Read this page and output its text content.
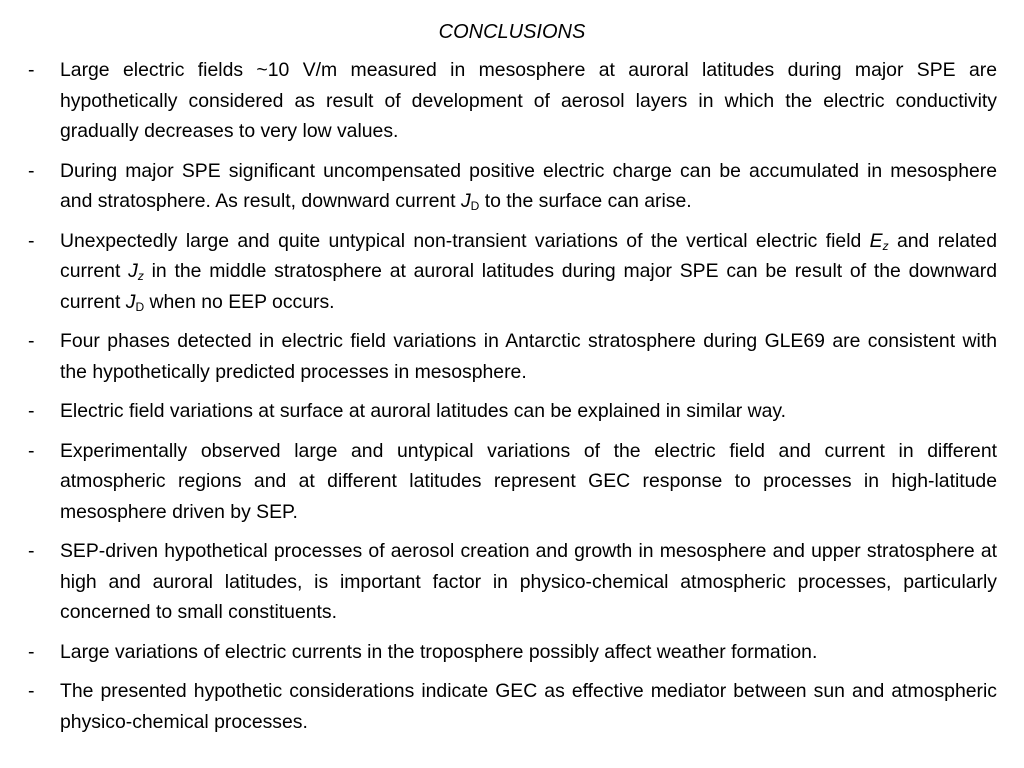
CONCLUSIONS
-	Large electric fields ~10 V/m measured in mesosphere at auroral latitudes during major SPE are hypothetically considered as result of development of aerosol layers in which the electric conductivity gradually decreases to very low values.
-	During major SPE significant uncompensated positive electric charge can be accumulated in mesosphere and stratosphere. As result, downward current $J_D$ to the surface can arise.
-	Unexpectedly large and quite untypical non-transient variations of the vertical electric field $E_z$ and related current $J_z$ in the middle stratosphere at auroral latitudes during major SPE can be result of the downward current $J_D$ when no EEP occurs.
-	Four phases detected in electric field variations in Antarctic stratosphere during GLE69 are consistent with the hypothetically predicted processes in mesosphere.
-	Electric field variations at surface at auroral latitudes can be explained in similar way.
-	Experimentally observed large and untypical variations of the electric field and current in different atmospheric regions and at different latitudes represent GEC response to processes in high-latitude mesosphere driven by SEP.
-	SEP-driven hypothetical processes of aerosol creation and growth in mesosphere and upper stratosphere at high and auroral latitudes, is important factor in physico-chemical atmospheric processes, particularly concerned to small constituents.
-	Large variations of electric currents in the troposphere possibly affect weather formation.
-	The presented hypothetic considerations indicate GEC as effective mediator between sun and atmospheric physico-chemical processes.
